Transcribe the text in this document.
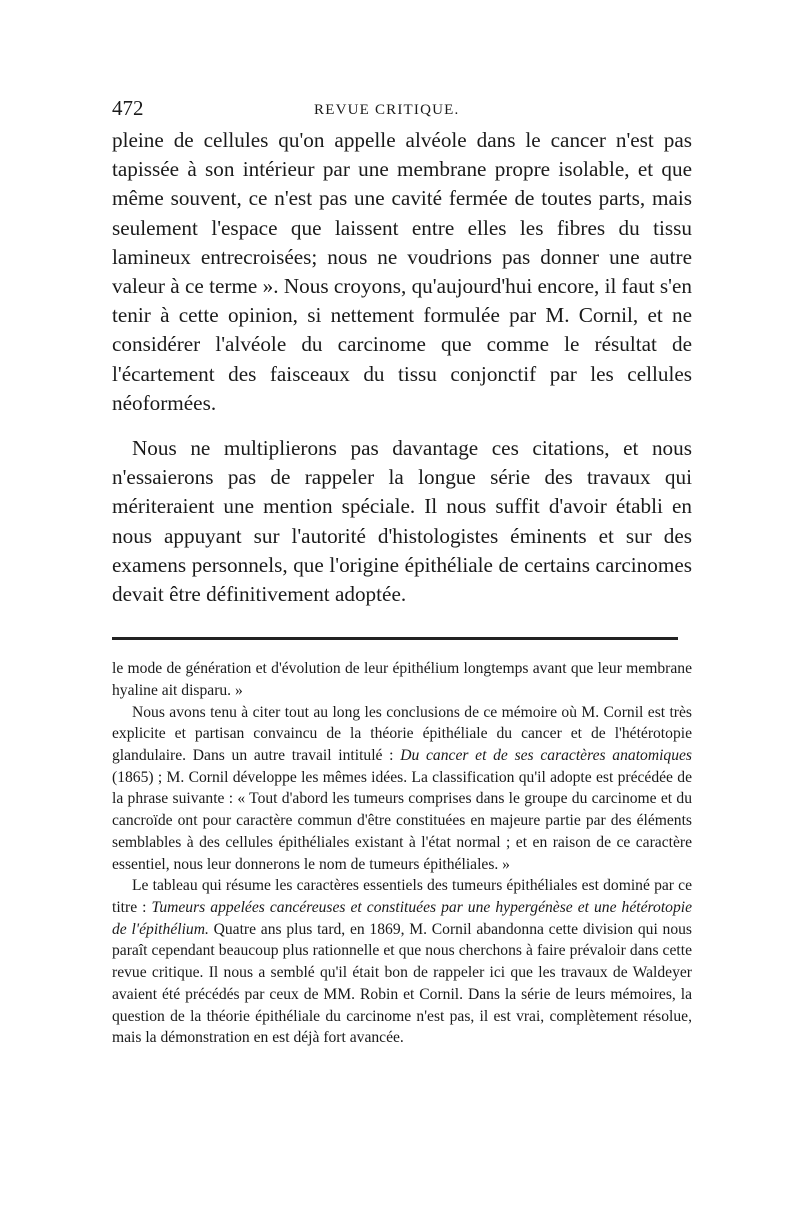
472	REVUE CRITIQUE.

pleine de cellules qu'on appelle alvéole dans le cancer n'est pas tapissée à son intérieur par une membrane propre isolable, et que même souvent, ce n'est pas une cavité fermée de toutes parts, mais seulement l'espace que laissent entre elles les fibres du tissu lamineux entrecroisées; nous ne voudrions pas donner une autre valeur à ce terme ». Nous croyons, qu'aujourd'hui encore, il faut s'en tenir à cette opinion, si nettement formulée par M. Cornil, et ne considérer l'alvéole du carcinome que comme le résultat de l'écartement des faisceaux du tissu conjonctif par les cellules néoformées.

Nous ne multiplierons pas davantage ces citations, et nous n'essaierons pas de rappeler la longue série des travaux qui mériteraient une mention spéciale. Il nous suffit d'avoir établi en nous appuyant sur l'autorité d'histologistes éminents et sur des examens personnels, que l'origine épithéliale de certains carcinomes devait être définitivement adoptée.

le mode de génération et d'évolution de leur épithélium longtemps avant que leur membrane hyaline ait disparu. »

Nous avons tenu à citer tout au long les conclusions de ce mémoire où M. Cornil est très explicite et partisan convaincu de la théorie épithéliale du cancer et de l'hétérotopie glandulaire. Dans un autre travail intitulé : Du cancer et de ses caractères anatomiques (1865) ; M. Cornil développe les mêmes idées. La classification qu'il adopte est précédée de la phrase suivante : « Tout d'abord les tumeurs comprises dans le groupe du carcinome et du cancroïde ont pour caractère commun d'être constituées en majeure partie par des éléments semblables à des cellules épithéliales existant à l'état normal ; et en raison de ce caractère essentiel, nous leur donnerons le nom de tumeurs épithéliales. »

Le tableau qui résume les caractères essentiels des tumeurs épithéliales est dominé par ce titre : Tumeurs appelées cancéreuses et constituées par une hypergénèse et une hétérotopie de l'épithélium. Quatre ans plus tard, en 1869, M. Cornil abandonna cette division qui nous paraît cependant beaucoup plus rationnelle et que nous cherchons à faire prévaloir dans cette revue critique. Il nous a semblé qu'il était bon de rappeler ici que les travaux de Waldeyer avaient été précédés par ceux de MM. Robin et Cornil. Dans la série de leurs mémoires, la question de la théorie épithéliale du carcinome n'est pas, il est vrai, complètement résolue, mais la démonstration en est déjà fort avancée.
